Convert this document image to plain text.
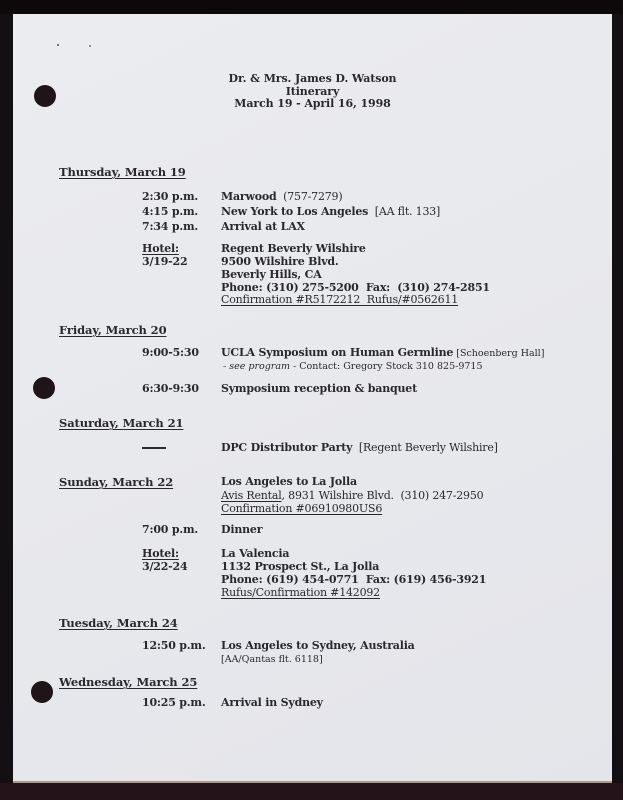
Dr. & Mrs. James D. Watson
Itinerary
March 19 - April 16, 1998
Thursday, March 19
2:30 p.m. Marwood  (757-7279)
4:15 p.m. New York to Los Angeles  [AA flt. 133]
7:34 p.m. Arrival at LAX
Hotel:
3/19-22
Regent Beverly Wilshire
9500 Wilshire Blvd.
Beverly Hills, CA
Phone: (310) 275-5200  Fax:  (310) 274-2851
Confirmation #R5172212  Rufus/#0562611
Friday, March 20
9:00-5:30 UCLA Symposium on Human Germline [Schoenberg Hall]
- see program - Contact: Gregory Stock 310 825-9715
6:30-9:30 Symposium reception & banquet
Saturday, March 21
DPC Distributor Party  [Regent Beverly Wilshire]
Sunday, March 22	Los Angeles to La Jolla
Avis Rental, 8931 Wilshire Blvd.  (310) 247-2950
Confirmation #06910980US6
7:00 p.m. Dinner
Hotel:
3/22-24
La Valencia
1132 Prospect St., La Jolla
Phone: (619) 454-0771  Fax: (619) 456-3921
Rufus/Confirmation #142092
Tuesday, March 24
12:50 p.m. Los Angeles to Sydney, Australia
[AA/Qantas flt. 6118]
Wednesday, March 25
10:25 p.m. Arrival in Sydney
